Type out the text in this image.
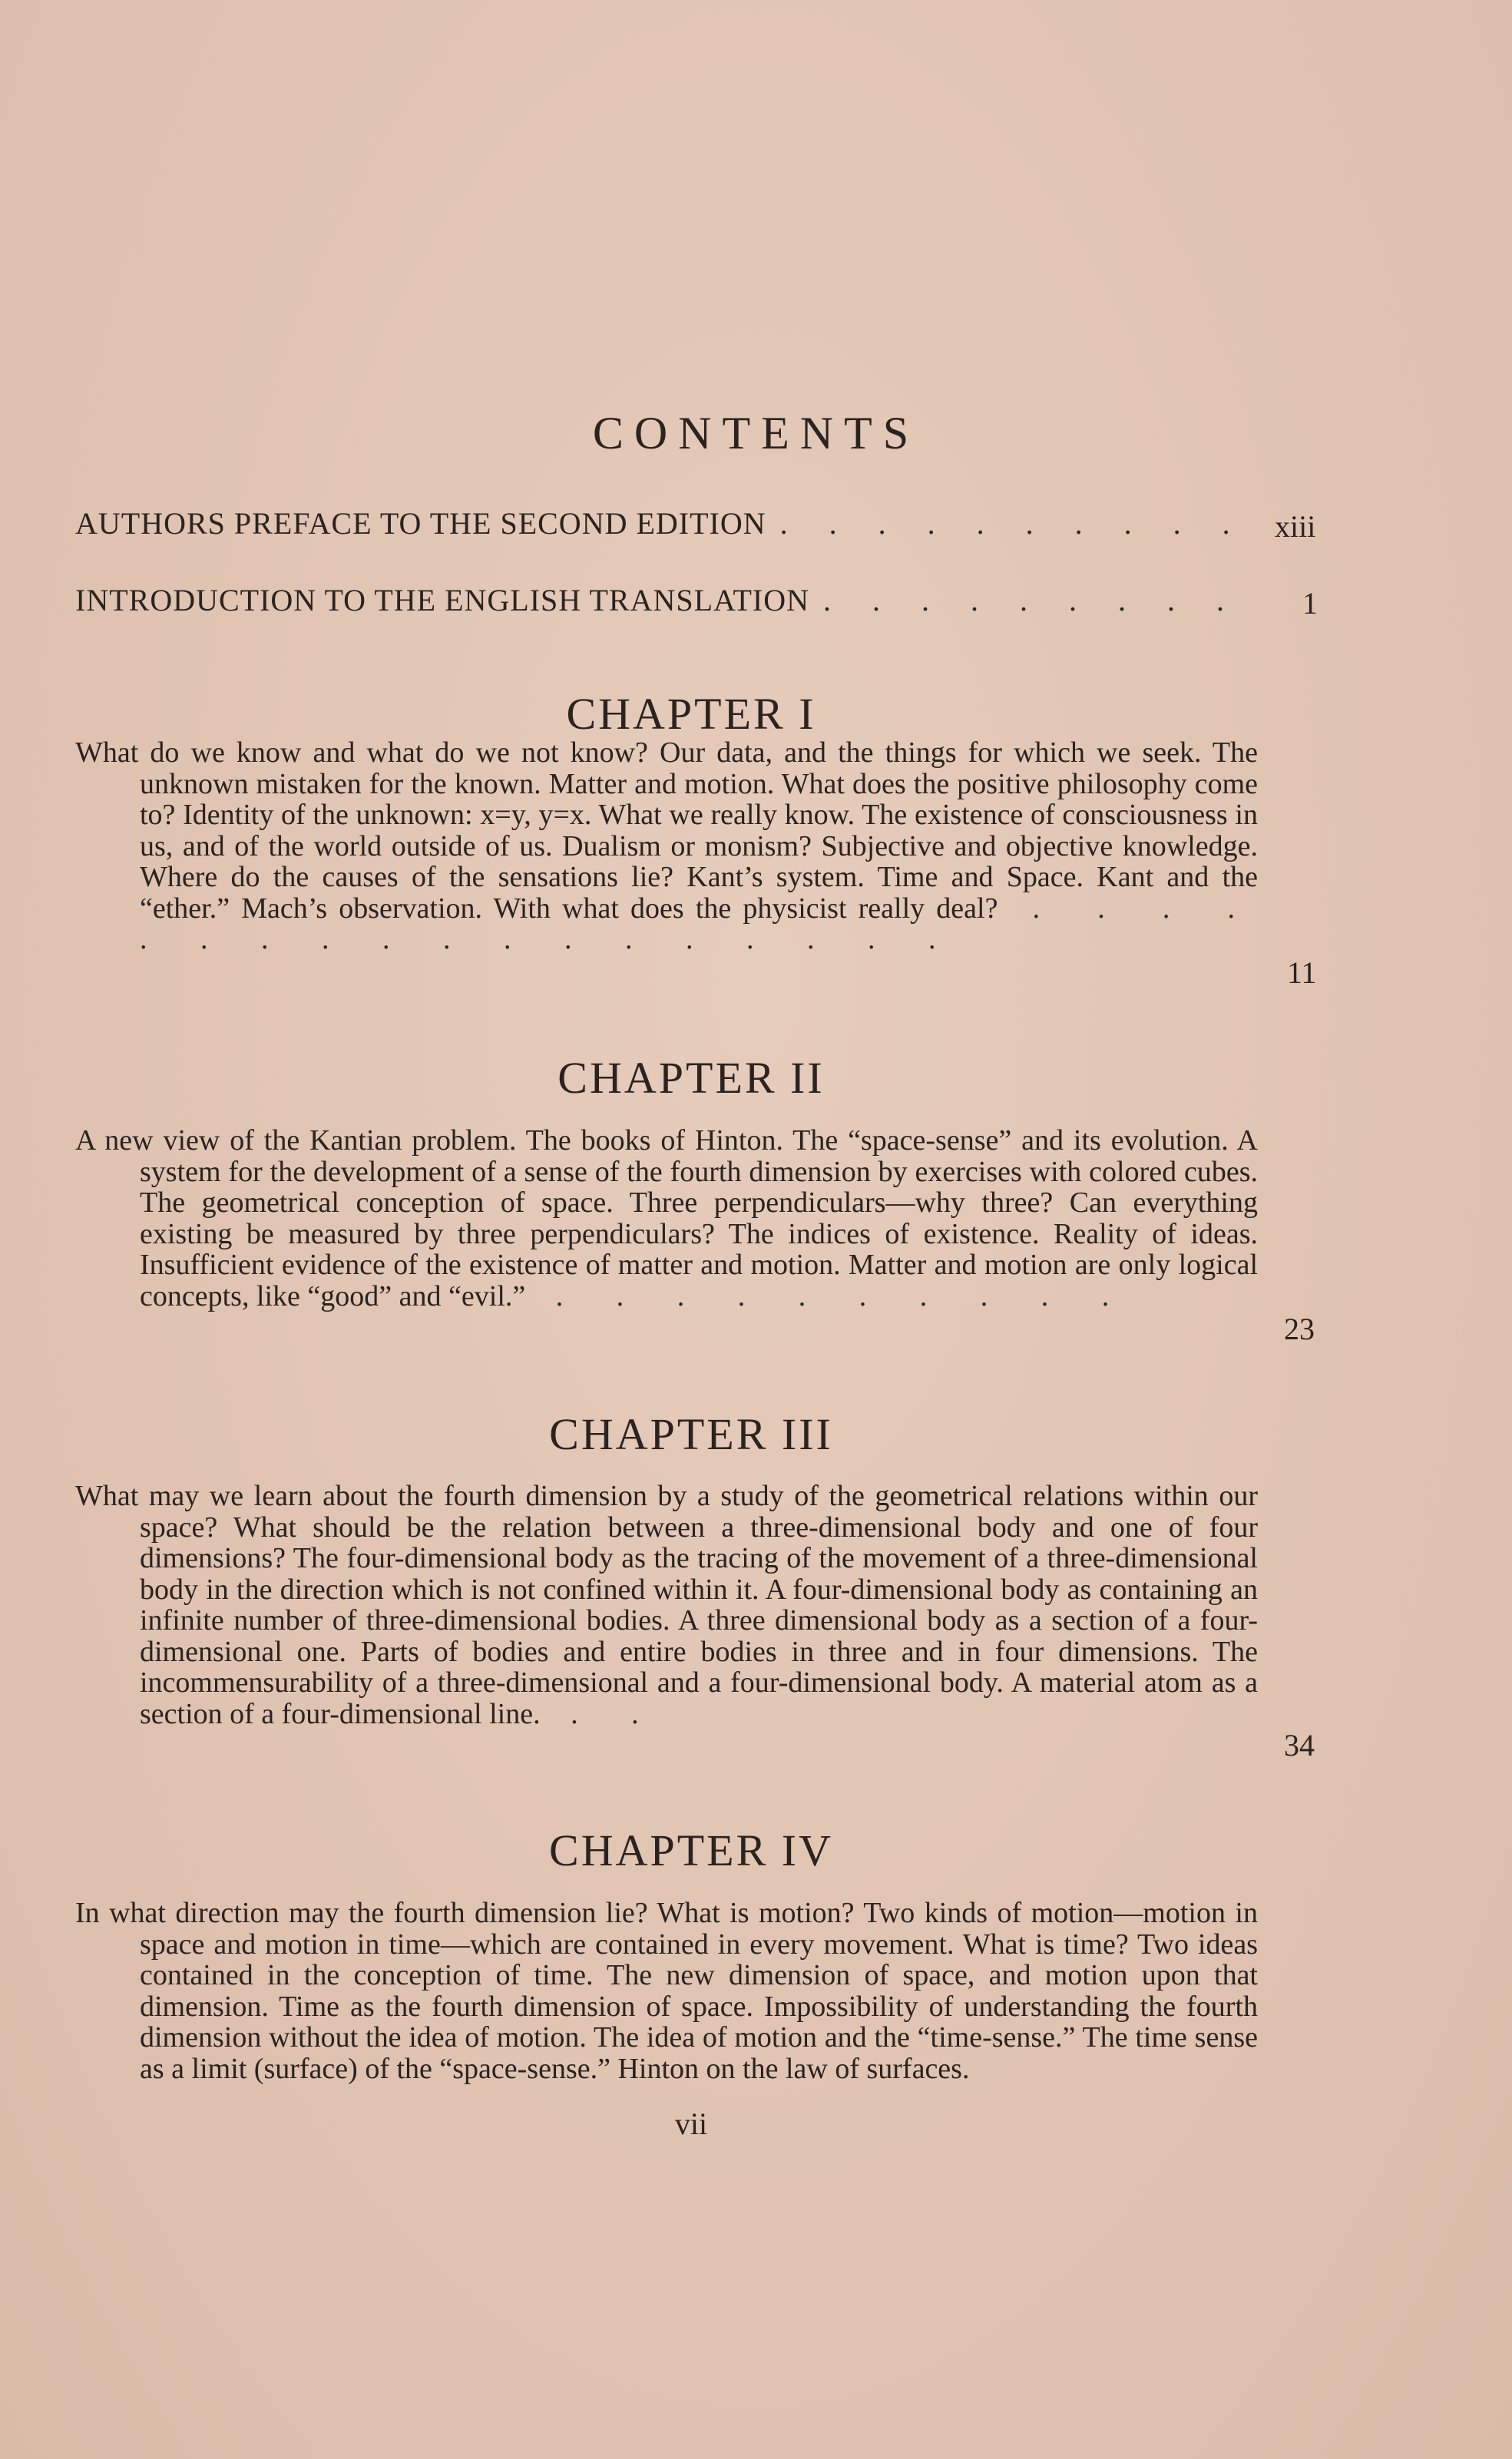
CONTENTS
AUTHORS PREFACE TO THE SECOND EDITION . . . . . . . . . . xiii
INTRODUCTION TO THE ENGLISH TRANSLATION . . . . . . . . .	1
CHAPTER I
What do we know and what do we not know? Our data, and the things for which we seek. The unknown mistaken for the known. Matter and motion. What does the positive philosophy come to? Identity of the unknown: x=y, y=x. What we really know. The existence of consciousness in us, and of the world outside of us. Dualism or monism? Subjective and objective knowledge. Where do the causes of the sensations lie? Kant’s system. Time and Space. Kant and the “ether.” Mach’s observation. With what does the physicist really deal? . . . . . . . . . . . . . . . . . .
11
CHAPTER II
A new view of the Kantian problem. The books of Hinton. The “space-sense” and its evolution. A system for the development of a sense of the fourth dimension by exercises with colored cubes. The geometrical conception of space. Three perpendiculars—why three? Can everything existing be measured by three perpendiculars? The indices of existence. Reality of ideas. Insufficient evidence of the existence of matter and motion. Matter and motion are only logical concepts, like “good” and “evil.” . . . . . . . . . .
23
CHAPTER III
What may we learn about the fourth dimension by a study of the geometrical relations within our space? What should be the relation between a three-dimensional body and one of four dimensions? The four-dimensional body as the tracing of the movement of a three-dimensional body in the direction which is not confined within it. A four-dimensional body as containing an infinite number of three-dimensional bodies. A three dimensional body as a section of a four-dimensional one. Parts of bodies and entire bodies in three and in four dimensions. The incommensurability of a three-dimensional and a four-dimensional body. A material atom as a section of a four-dimensional line. . .
34
CHAPTER IV
In what direction may the fourth dimension lie? What is motion? Two kinds of motion—motion in space and motion in time—which are contained in every movement. What is time? Two ideas contained in the conception of time. The new dimension of space, and motion upon that dimension. Time as the fourth dimension of space. Impossibility of understanding the fourth dimension without the idea of motion. The idea of motion and the “time-sense.” The time sense as a limit (surface) of the “space-sense.” Hinton on the law of surfaces.
vii
